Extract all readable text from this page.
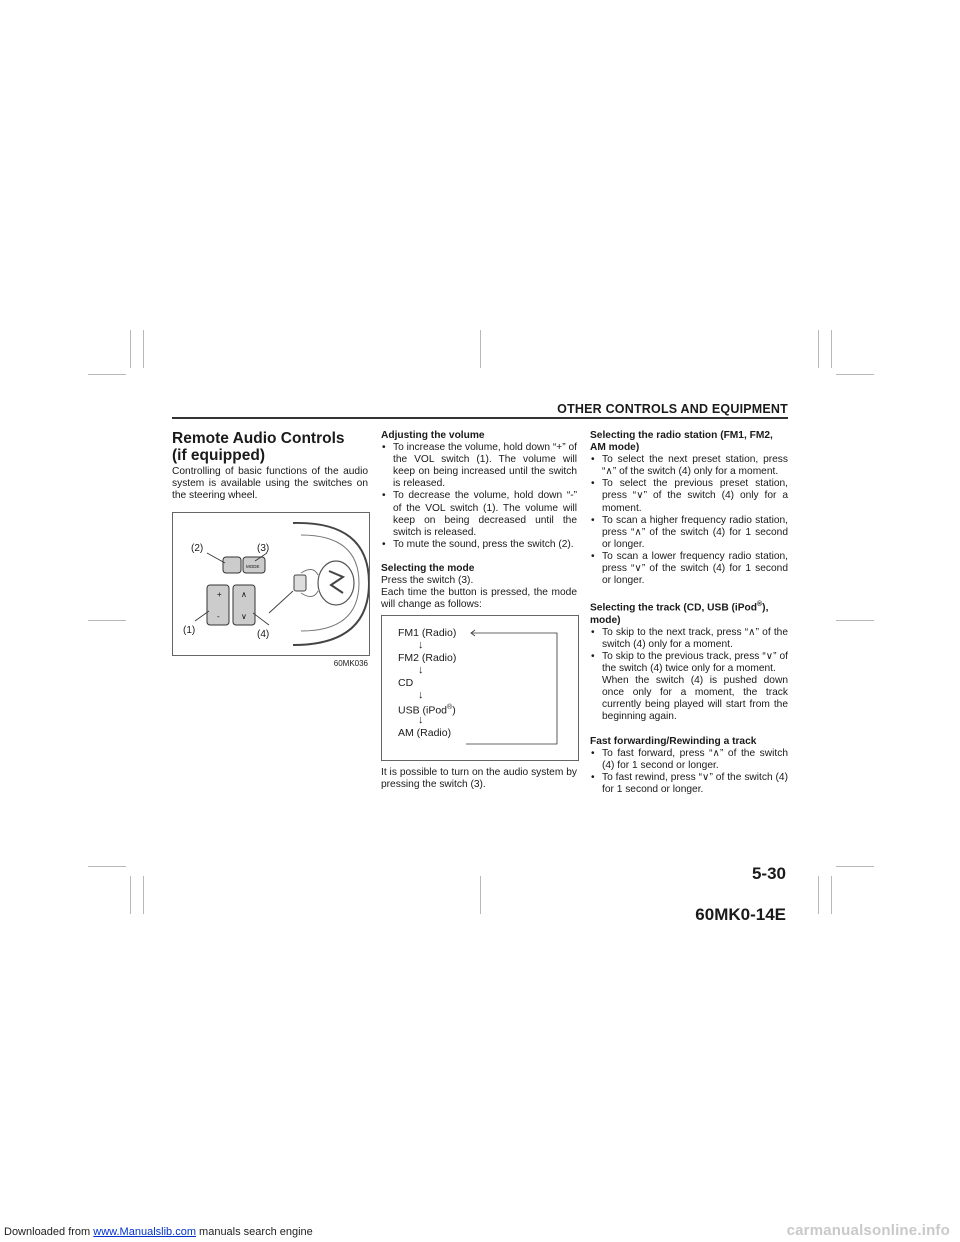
OTHER CONTROLS AND EQUIPMENT

Remote Audio Controls

(if equipped)

Controlling of basic functions of the audio system is available using the switches on the steering wheel.

+
-
∧
∨
MODE
(2)	(3)
(1)	(4)
60MK036

Adjusting the volume

• To increase the volume, hold down “+” of the VOL switch (1). The volume will keep on being increased until the switch is released.
• To decrease the volume, hold down “-” of the VOL switch (1). The volume will keep on being decreased until the switch is released.
• To mute the sound, press the switch (2).

Selecting the mode

Press the switch (3).

Each time the button is pressed, the mode will change as follows:

FM1 (Radio)
↓
FM2 (Radio)
↓
CD
↓
USB (iPod®)
↓
AM (Radio)

It is possible to turn on the audio system by pressing the switch (3).

Selecting the radio station (FM1, FM2, AM mode)

• To select the next preset station, press “∧” of the switch (4) only for a moment.
• To select the previous preset station, press “∨” of the switch (4) only for a moment.
• To scan a higher frequency radio station, press “∧” of the switch (4) for 1 second or longer.
• To scan a lower frequency radio station, press “∨” of the switch (4) for 1 second or longer.

Selecting the track (CD, USB (iPod®), mode)

• To skip to the next track, press “∧” of the switch (4) only for a moment.
• To skip to the previous track, press “∨” of the switch (4) twice only for a moment.
When the switch (4) is pushed down once only for a moment, the track currently being played will start from the beginning again.

Fast forwarding/Rewinding a track

• To fast forward, press “∧” of the switch (4) for 1 second or longer.
• To fast rewind, press “∨” of the switch (4) for 1 second or longer.
5-30
60MK0-14E
Downloaded from www.Manualslib.com manuals search engine	carmanualsonline.info
